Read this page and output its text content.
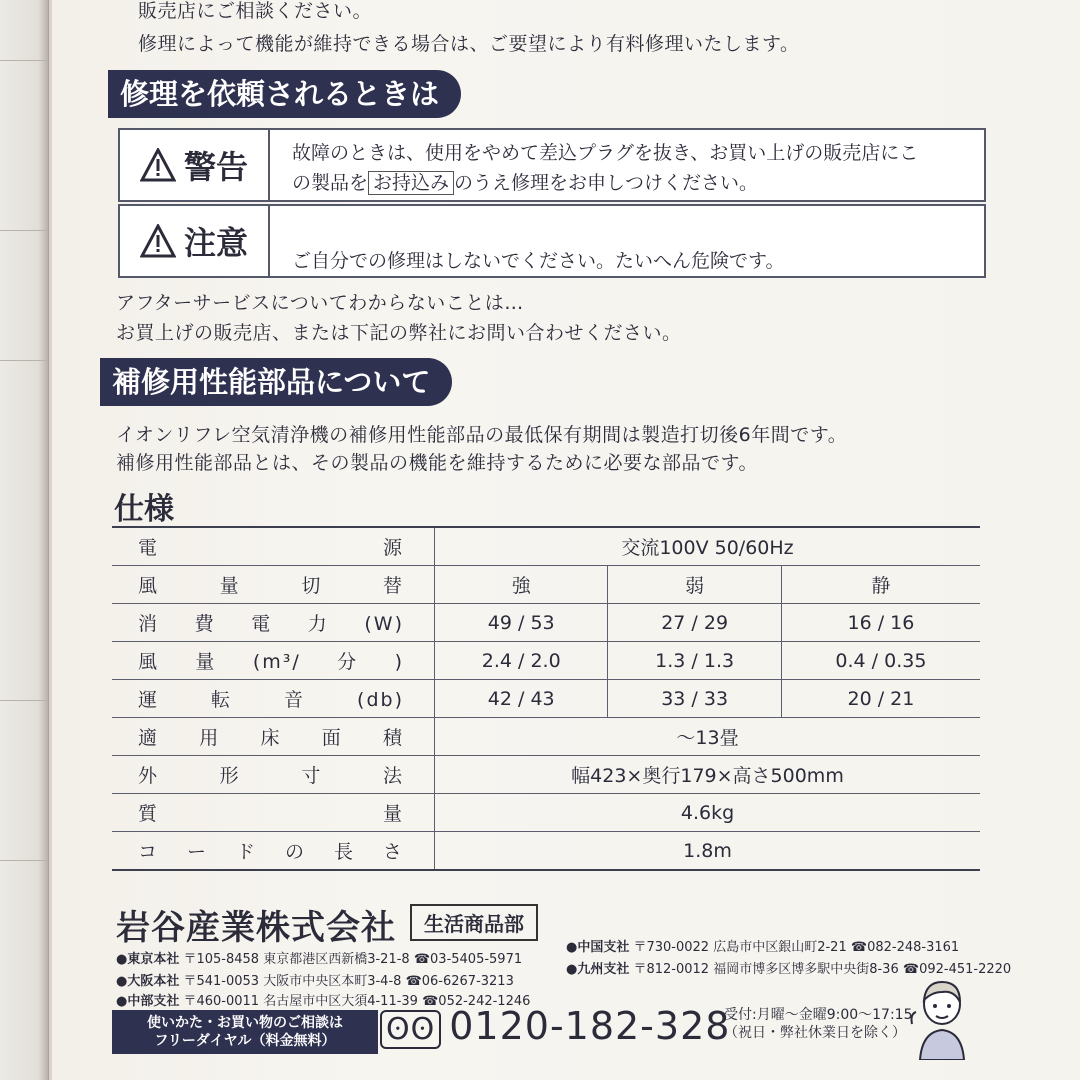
販売店にご相談ください。
修理によって機能が維持できる場合は、ご要望により有料修理いたします。
修理を依頼されるときは
警告 故障のときは、使用をやめて差込プラグを抜き、お買い上げの販売店にこ
の製品を お持込み のうえ修理をお申しつけください。
注意 ご自分での修理はしないでください。たいへん危険です。
アフターサービスについてわからないことは…
お買上げの販売店、または下記の弊社にお問い合わせください。
補修用性能部品について
イオンリフレ空気清浄機の補修用性能部品の最低保有期間は製造打切後6年間です。
補修用性能部品とは、その製品の機能を維持するために必要な部品です。
仕様
電源	交流100V 50/60Hz		
風量切替	強	弱	静
消費電力(W)	49 / 53	27 / 29	16 / 16
風量(m³/分)	2.4 / 2.0	1.3 / 1.3	0.4 / 0.35
運転音(db)	42 / 43	33 / 33	20 / 21
適用床面積	〜13畳		
外形寸法	幅423×奥行179×高さ500mm		
質量	4.6kg		
コードの長さ	1.8m		
岩谷産業株式会社	生活商品部
●東京本社 〒105-8458 東京都港区西新橋3-21-8 ☎03-5405-5971
●大阪本社 〒541-0053 大阪市中央区本町3-4-8 ☎06-6267-3213
●中部支社 〒460-0011 名古屋市中区大須4-11-39 ☎052-242-1246
●中国支社 〒730-0022 広島市中区銀山町2-21 ☎082-248-3161
●九州支社 〒812-0012 福岡市博多区博多駅中央街8-36 ☎092-451-2220
使いかた・お買い物のご相談は
フリーダイヤル（料金無料） ʘʘ 0120-182-328
受付:月曜〜金曜9:00〜17:15
（祝日・弊社休業日を除く）
